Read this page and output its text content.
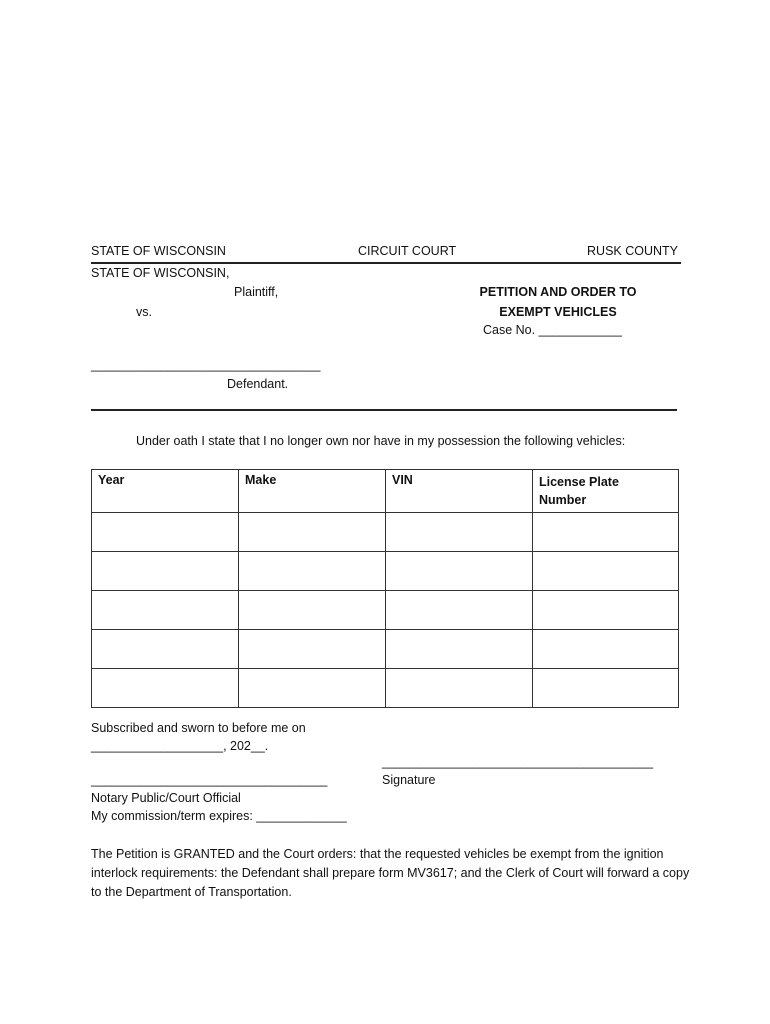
STATE OF WISCONSIN	CIRCUIT COURT	RUSK COUNTY
STATE OF WISCONSIN,
Plaintiff,
vs.
PETITION AND ORDER TO
EXEMPT VEHICLES
Case No. ____________
_________________________________
Defendant.
Under oath I state that I no longer own nor have in my possession the following vehicles:
Year	Make	VIN	License Plate Number

Subscribed and sworn to before me on
___________________, 202__.
_______________________________________
Signature
__________________________________
Notary Public/Court Official
My commission/term expires: _____________
The Petition is GRANTED and the Court orders: that the requested vehicles be exempt from the ignition interlock requirements: the Defendant shall prepare form MV3617; and the Clerk of Court will forward a copy to the Department of Transportation.
